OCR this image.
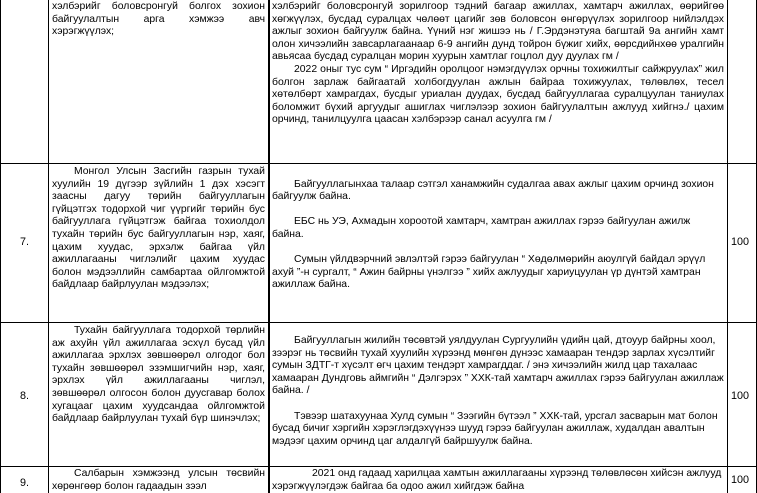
хэлбэрийг боловсронгуй болгох зохион байгуулалтын арга хэмжээ авч хэрэгжүүлэх;

хэлбэрийг боловсронгуй зорилгоор тэдний багаар ажиллах, хамтарч ажиллах, өөрийгөө хөгжүүлэх, бусдад суралцах чөлөөт цагийг зөв боловсон өнгөрүүлэх зорилгоор нийлэлдэх ажлыг зохион байгуулж байна. Үүний нэг жишээ нь / Г.Эрдэнэтуяа багштай 9а ангийн хамт олон хичээлийн завсарлагаанаар 6-9 ангийн дунд тойрон бүжиг хийх, өөрсдийнхөө уралгийн авьясаа бусдад суралцан морин хуурын хамтлаг гоцлол дуу дуулах гм /

2022 оныг тус сум “ Иргэдийн оролцоог нэмэгдүүлэх орчны тохижилтыг сайжруулах” жил болгон зарлаж байгаатай холбогдуулан ажлын байраа тохижуулах, төлөвлөх, тесел хөтөлбөрт хамрагдах, бусдыг уриалан дуудах, бусдад байгууллагаа суралцуулан таниулах боломжит бүхий аргуудыг ашиглах чиглэлээр зохион байгуулалтын ажлууд хийгнэ./ цахим орчинд, танилцуулга цаасан хэлбэрээр санал асуулга гм /

7.

Монгол Улсын Засгийн газрын тухай хуулийн 19 дүгээр зүйлийн 1 дэх хэсэгт заасны дагуу төрийн байгууллагын гүйцэтгэх тодорхой чиг үүргийг төрийн бус байгууллага гүйцэтгэж байгаа тохиолдол тухайн төрийн бус байгууллагын нэр, хаяг, цахим хуудас, эрхэлж байгаа үйл ажиллагааны чиглэлийг цахим хуудас болон мэдээллийн самбартаа ойлгомжтой байдлаар байрлуулан мэдээлэх;

Байгууллагынхаа талаар сэтгэл ханамжийн судалгаа авах ажлыг цахим орчинд зохион байгуулж байна.

ЕБС нь УЭ, Ахмадын хороотой хамтарч, хамтран ажиллах гэрээ байгуулан ажилж байна.

Сумын үйлдвэрчний эвлэлтэй гэрээ байгуулан “ Хөдөлмөрийн аюулгүй байдал эрүүл ахуй ”-н сургалт, “ Ажин байрны үнэлгээ ” хийх ажлуудыг хариуцуулан үр дүнтэй хамтран ажиллаж байна.

100
8.

Тухайн байгууллага тодорхой төрлийн аж ахуйн үйл ажиллагаа эсхүл бусад үйл ажиллагаа эрхлэх зөвшөөрөл олгодог бол тухайн зөвшөөрөл эзэмшигчийн нэр, хаяг, эрхлэх үйл ажиллагааны чиглэл, зөвшөөрөл олгосон болон дуусгавар болох хугацааг цахим хуудсандаа ойлгомжтой байдлаар байрлуулан тухай бүр шинэчлэх;

Байгууллагын жилийн төсөвтэй уялдуулан Сургуулийн үдийн цай, дтоуур байрны хоол, зээрэг нь төсвийн тухай хуулийн хүрээнд мөнгөн дүнээс хамааран тендэр зарлах хүсэлтийг сумын ЗДТГ-т хүсэлт өгч цахим тендэрт хамрагддаг. / энэ хичээлийн жилд цар тахалаас хамааран Дундговь аймгийн “ Дэлгэрэх ” ХХК-тай хамтарч ажиллах гэрээ байгуулан ажиллаж байна. /

Тэвээр шатахуунаа Хулд сумын “ Зээгийн бүтээл ” ХХК-тай, урсгал засварын мат болон бусад бичиг хэргийн хэрэглэгдэхүүнээ шууд гэрээ байгуулан ажиллаж, худалдан авалтын мэдээг цахим орчинд цаг алдалгүй байршуулж байна.

100
9.

Салбарын хэмжээнд улсын төсвийн хөрөнгөөр болон гадаадын зээл

2021 онд гадаад харилцаа хамтын ажиллагааны хүрээнд төлөвлөсөн хийсэн ажлууд хэрэгжүүлэгдэж байгаа ба одоо ажил хийгдэж байна

100
